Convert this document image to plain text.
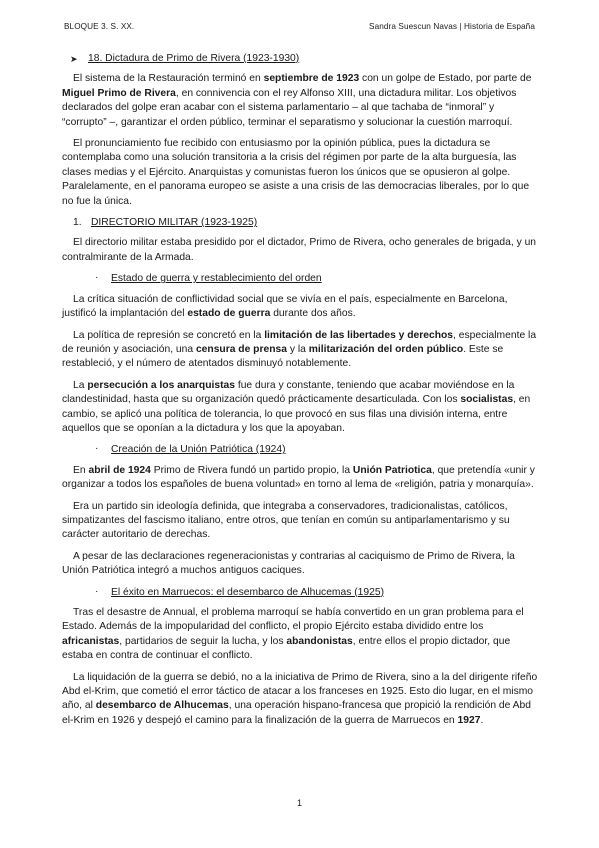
BLOQUE 3. S. XX.	Sandra Suescun Navas | Historia de España
➤ 18. Dictadura de Primo de Rivera (1923-1930)

El sistema de la Restauración terminó en septiembre de 1923 con un golpe de Estado, por parte de Miguel Primo de Rivera, en connivencia con el rey Alfonso XIII, una dictadura militar. Los objetivos declarados del golpe eran acabar con el sistema parlamentario – al que tachaba de “inmoral” y “corrupto” –, garantizar el orden público, terminar el separatismo y solucionar la cuestión marroquí.

El pronunciamiento fue recibido con entusiasmo por la opinión pública, pues la dictadura se contemplaba como una solución transitoria a la crisis del régimen por parte de la alta burguesía, las clases medias y el Ejército. Anarquistas y comunistas fueron los únicos que se opusieron al golpe. Paralelamente, en el panorama europeo se asiste a una crisis de las democracias liberales, por lo que no fue la única.

1. DIRECTORIO MILITAR (1923-1925)

El directorio militar estaba presidido por el dictador, Primo de Rivera, ocho generales de brigada, y un contralmirante de la Armada.

· Estado de guerra y restablecimiento del orden

La crítica situación de conflictividad social que se vivía en el país, especialmente en Barcelona, justificó la implantación del estado de guerra durante dos años.

La política de represión se concretó en la limitación de las libertades y derechos, especialmente la de reunión y asociación, una censura de prensa y la militarización del orden público. Este se restableció, y el número de atentados disminuyó notablemente.

La persecución a los anarquistas fue dura y constante, teniendo que acabar moviéndose en la clandestinidad, hasta que su organización quedó prácticamente desarticulada. Con los socialistas, en cambio, se aplicó una política de tolerancia, lo que provocó en sus filas una división interna, entre aquellos que se oponían a la dictadura y los que la apoyaban.

· Creación de la Unión Patriótica (1924)

En abril de 1924 Primo de Rivera fundó un partido propio, la Unión Patriotica, que pretendía «unir y organizar a todos los españoles de buena voluntad» en torno al lema de «religión, patria y monarquía».

Era un partido sin ideología definida, que integraba a conservadores, tradicionalistas, católicos, simpatizantes del fascismo italiano, entre otros, que tenían en común su antiparlamentarismo y su carácter autoritario de derechas.

A pesar de las declaraciones regeneracionistas y contrarias al caciquismo de Primo de Rivera, la Unión Patriótica integró a muchos antiguos caciques.

· El éxito en Marruecos: el desembarco de Alhucemas (1925)

Tras el desastre de Annual, el problema marroquí se había convertido en un gran problema para el Estado. Además de la impopularidad del conflicto, el propio Ejército estaba dividido entre los africanistas, partidarios de seguir la lucha, y los abandonistas, entre ellos el propio dictador, que estaba en contra de continuar el conflicto.

La liquidación de la guerra se debió, no a la iniciativa de Primo de Rivera, sino a la del dirigente rifeño Abd el-Krim, que cometió el error táctico de atacar a los franceses en 1925. Esto dio lugar, en el mismo año, al desembarco de Alhucemas, una operación hispano-francesa que propició la rendición de Abd el-Krim en 1926 y despejó el camino para la finalización de la guerra de Marruecos en 1927.

1
